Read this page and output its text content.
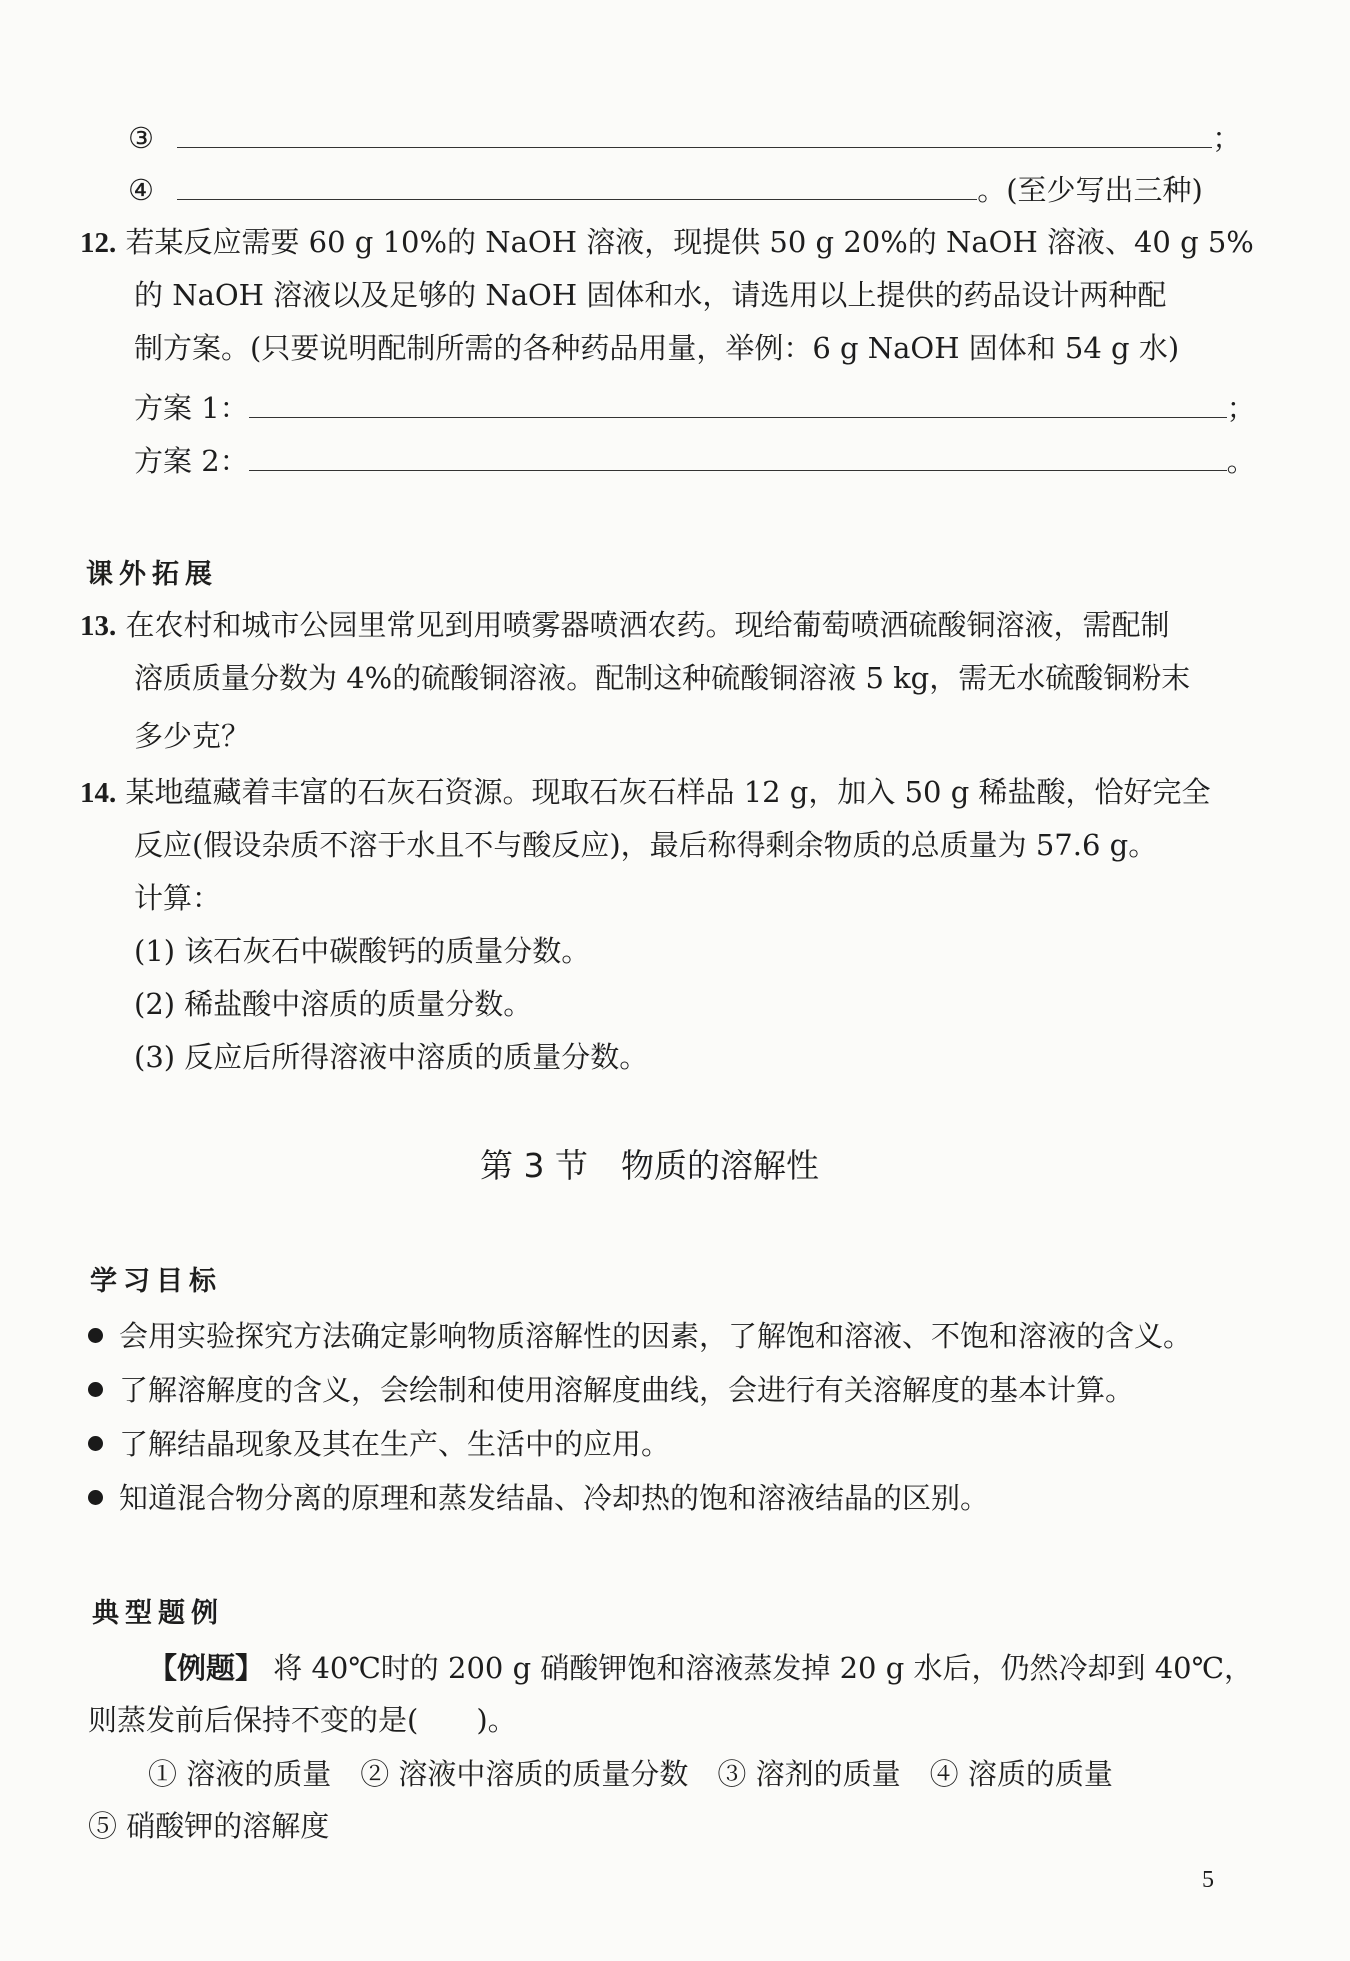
③	；
④	。(至少写出三种)
12. 若某反应需要 60 g 10%的 NaOH 溶液，现提供 50 g 20%的 NaOH 溶液、40 g 5%
的 NaOH 溶液以及足够的 NaOH 固体和水，请选用以上提供的药品设计两种配
制方案。(只要说明配制所需的各种药品用量，举例：6 g NaOH 固体和 54 g 水)
方案 1：	；
方案 2：	。
课外拓展
13. 在农村和城市公园里常见到用喷雾器喷洒农药。现给葡萄喷洒硫酸铜溶液，需配制
溶质质量分数为 4%的硫酸铜溶液。配制这种硫酸铜溶液 5 kg，需无水硫酸铜粉末
多少克？
14. 某地蕴藏着丰富的石灰石资源。现取石灰石样品 12 g，加入 50 g 稀盐酸，恰好完全
反应(假设杂质不溶于水且不与酸反应)，最后称得剩余物质的总质量为 57.6 g。
计算：
(1) 该石灰石中碳酸钙的质量分数。
(2) 稀盐酸中溶质的质量分数。
(3) 反应后所得溶液中溶质的质量分数。
第 3 节　物质的溶解性
学习目标
会用实验探究方法确定影响物质溶解性的因素，了解饱和溶液、不饱和溶液的含义。
了解溶解度的含义，会绘制和使用溶解度曲线，会进行有关溶解度的基本计算。
了解结晶现象及其在生产、生活中的应用。
知道混合物分离的原理和蒸发结晶、冷却热的饱和溶液结晶的区别。
典型题例
【例题】 将 40℃时的 200 g 硝酸钾饱和溶液蒸发掉 20 g 水后，仍然冷却到 40℃，
则蒸发前后保持不变的是(　　)。
① 溶液的质量　② 溶液中溶质的质量分数　③ 溶剂的质量　④ 溶质的质量
⑤ 硝酸钾的溶解度
5
